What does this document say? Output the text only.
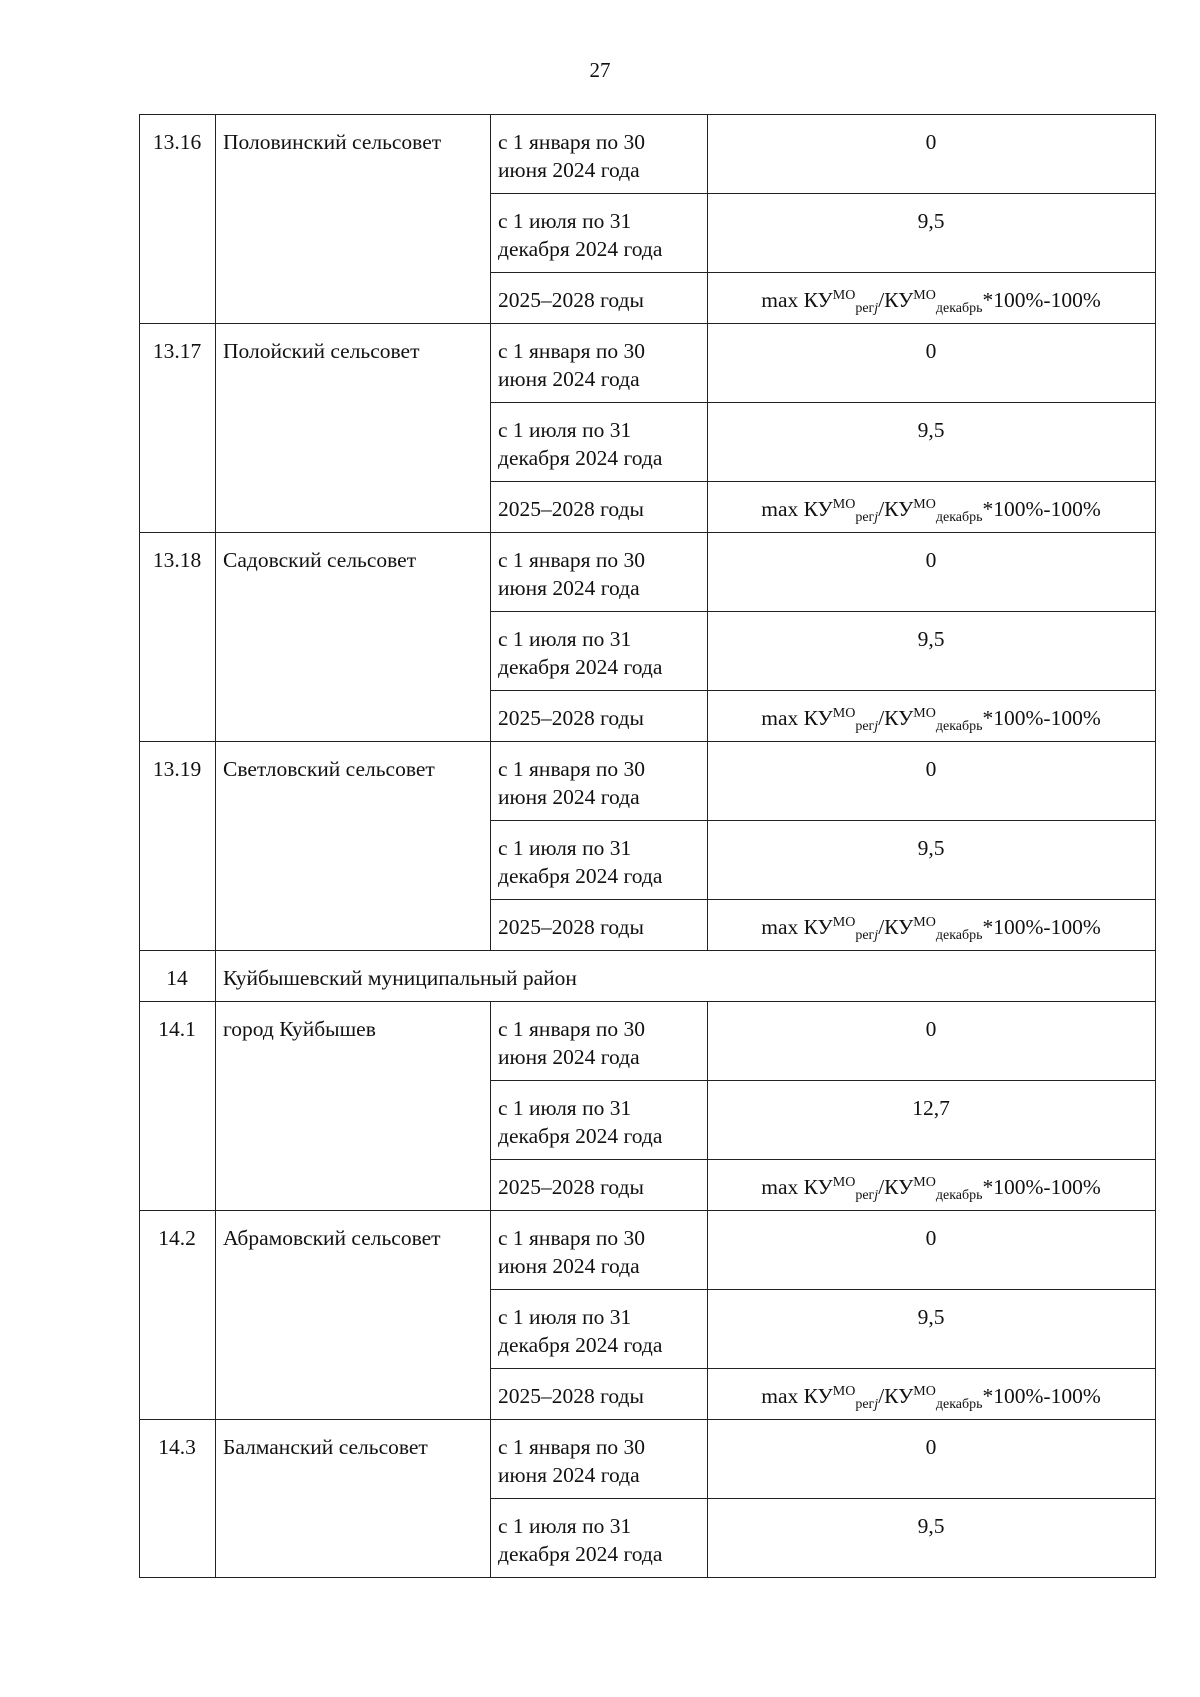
27
13.16	Половинский сельсовет	с 1 января по 30 июня 2024 года	0
		с 1 июля по 31 декабря 2024 года	9,5
		2025–2028 годы	$\max КУ^{МО}_{регj}/КУ^{МО}_{декабрь}*100\%-100\%$
13.17	Полойский сельсовет	с 1 января по 30 июня 2024 года	0
		с 1 июля по 31 декабря 2024 года	9,5
		2025–2028 годы	$\max КУ^{МО}_{регj}/КУ^{МО}_{декабрь}*100\%-100\%$
13.18	Садовский сельсовет	с 1 января по 30 июня 2024 года	0
		с 1 июля по 31 декабря 2024 года	9,5
		2025–2028 годы	$\max КУ^{МО}_{регj}/КУ^{МО}_{декабрь}*100\%-100\%$
13.19	Светловский сельсовет	с 1 января по 30 июня 2024 года	0
		с 1 июля по 31 декабря 2024 года	9,5
		2025–2028 годы	$\max КУ^{МО}_{регj}/КУ^{МО}_{декабрь}*100\%-100\%$
14	Куйбышевский муниципальный район		
14.1	город Куйбышев	с 1 января по 30 июня 2024 года	0
		с 1 июля по 31 декабря 2024 года	12,7
		2025–2028 годы	$\max КУ^{МО}_{регj}/КУ^{МО}_{декабрь}*100\%-100\%$
14.2	Абрамовский сельсовет	с 1 января по 30 июня 2024 года	0
		с 1 июля по 31 декабря 2024 года	9,5
		2025–2028 годы	$\max КУ^{МО}_{регj}/КУ^{МО}_{декабрь}*100\%-100\%$
14.3	Балманский сельсовет	с 1 января по 30 июня 2024 года	0
		с 1 июля по 31 декабря 2024 года	9,5
